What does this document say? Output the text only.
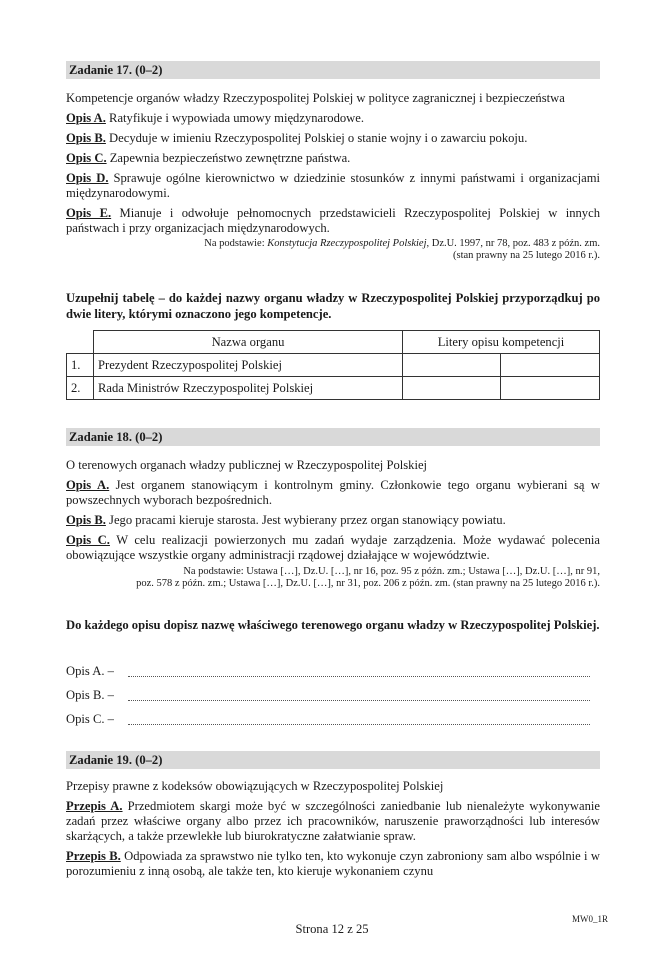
Zadanie 17. (0–2)

Kompetencje organów władzy Rzeczypospolitej Polskiej w polityce zagranicznej i bezpieczeństwa

Opis A. Ratyfikuje i wypowiada umowy międzynarodowe.

Opis B. Decyduje w imieniu Rzeczypospolitej Polskiej o stanie wojny i o zawarciu pokoju.

Opis C. Zapewnia bezpieczeństwo zewnętrzne państwa.

Opis D. Sprawuje ogólne kierownictwo w dziedzinie stosunków z innymi państwami i organizacjami międzynarodowymi.

Opis E. Mianuje i odwołuje pełnomocnych przedstawicieli Rzeczypospolitej Polskiej w innych państwach i przy organizacjach międzynarodowych.

Na podstawie: Konstytucja Rzeczypospolitej Polskiej, Dz.U. 1997, nr 78, poz. 483 z późn. zm.

(stan prawny na 25 lutego 2016 r.).

Uzupełnij tabelę – do każdej nazwy organu władzy w Rzeczypospolitej Polskiej przyporządkuj po dwie litery, którymi oznaczono jego kompetencje.

	Nazwa organu	Litery opisu kompetencji	
1.	Prezydent Rzeczypospolitej Polskiej		
2.	Rada Ministrów Rzeczypospolitej Polskiej		
Zadanie 18. (0–2)

O terenowych organach władzy publicznej w Rzeczypospolitej Polskiej

Opis A. Jest organem stanowiącym i kontrolnym gminy. Członkowie tego organu wybierani są w powszechnych wyborach bezpośrednich.

Opis B. Jego pracami kieruje starosta. Jest wybierany przez organ stanowiący powiatu.

Opis C. W celu realizacji powierzonych mu zadań wydaje zarządzenia. Może wydawać polecenia obowiązujące wszystkie organy administracji rządowej działające w województwie.

Na podstawie: Ustawa […], Dz.U. […], nr 16, poz. 95 z późn. zm.; Ustawa […], Dz.U. […], nr 91,

poz. 578 z późn. zm.; Ustawa […], Dz.U. […], nr 31, poz. 206 z późn. zm. (stan prawny na 25 lutego 2016 r.).

Do każdego opisu dopisz nazwę właściwego terenowego organu władzy w Rzeczypospolitej Polskiej.

Opis A. –
Opis B. –
Opis C. –
Zadanie 19. (0–2)

Przepisy prawne z kodeksów obowiązujących w Rzeczypospolitej Polskiej

Przepis A. Przedmiotem skargi może być w szczególności zaniedbanie lub nienależyte wykonywanie zadań przez właściwe organy albo przez ich pracowników, naruszenie praworządności lub interesów skarżących, a także przewlekłe lub biurokratyczne załatwianie spraw.

Przepis B. Odpowiada za sprawstwo nie tylko ten, kto wykonuje czyn zabroniony sam albo wspólnie i w porozumieniu z inną osobą, ale także ten, kto kieruje wykonaniem czynu

MW0_1R
Strona 12 z 25
